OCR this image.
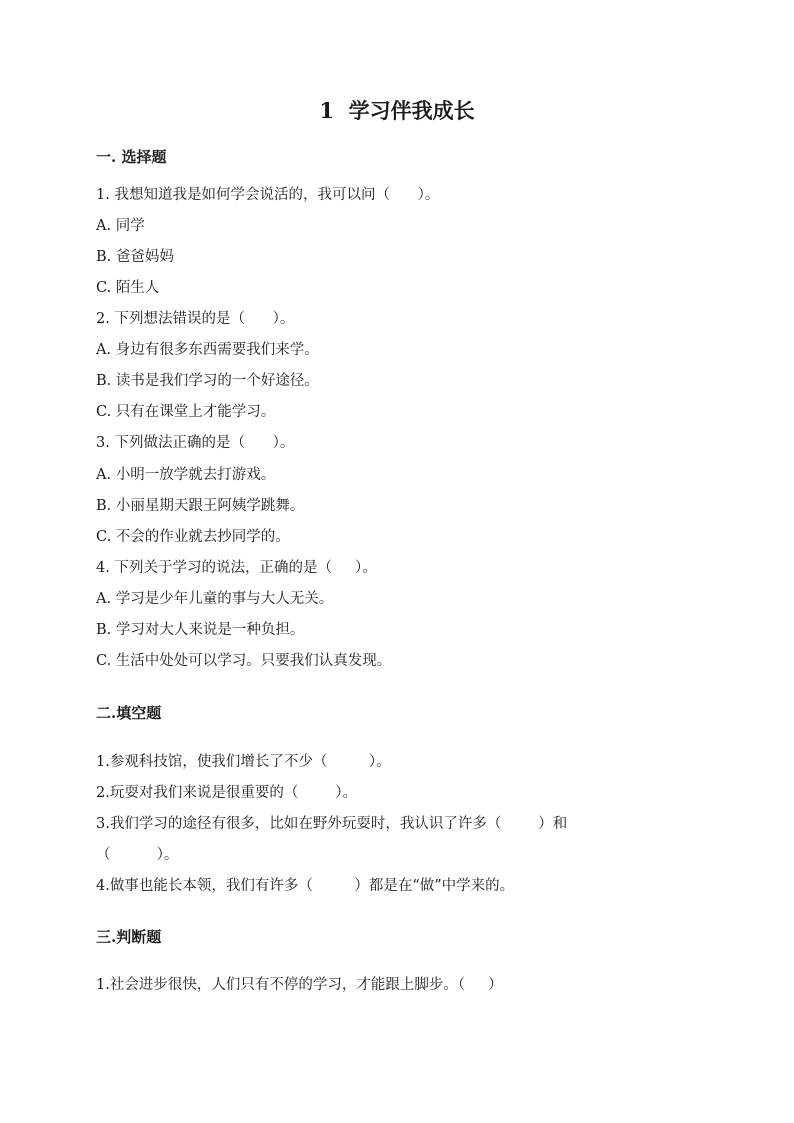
1  学习伴我成长
一. 选择题
1. 我想知道我是如何学会说活的，我可以问（      ）。
A. 同学
B. 爸爸妈妈
C. 陌生人
2. 下列想法错误的是（      ）。
A. 身边有很多东西需要我们来学。
B. 读书是我们学习的一个好途径。
C. 只有在课堂上才能学习。
3. 下列做法正确的是（      ）。
A. 小明一放学就去打游戏。
B. 小丽星期天跟王阿姨学跳舞。
C. 不会的作业就去抄同学的。
4. 下列关于学习的说法，正确的是（     ）。
A. 学习是少年儿童的事与大人无关。
B. 学习对大人来说是一种负担。
C. 生活中处处可以学习。只要我们认真发现。
二.填空题
1.参观科技馆，使我们增长了不少（         ）。
2.玩耍对我们来说是很重要的（        ）。
3.我们学习的途径有很多，比如在野外玩耍时，我认识了许多（        ）和
（          ）。
4.做事也能长本领，我们有许多（         ）都是在“做”中学来的。
三.判断题
1.社会进步很快，人们只有不停的学习，才能跟上脚步。（     ）
